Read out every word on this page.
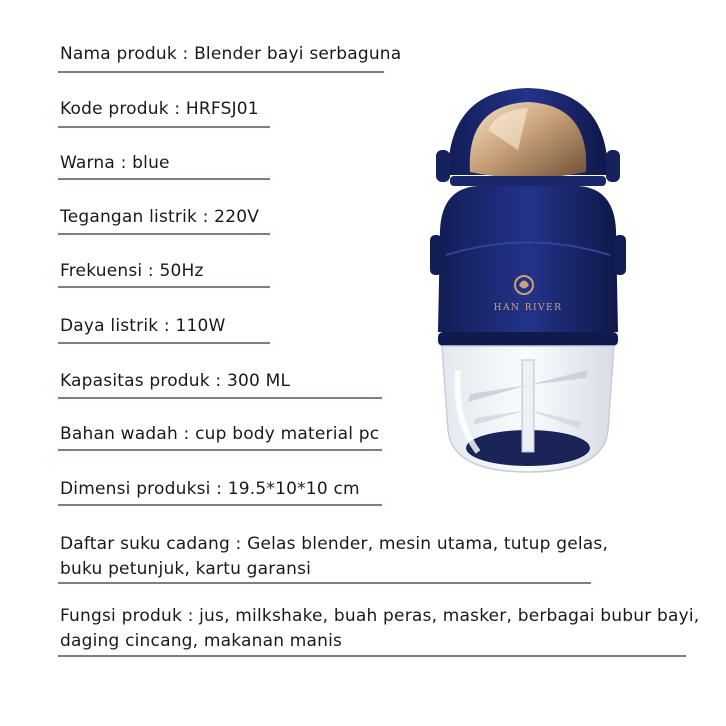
Nama produk : Blender bayi serbaguna
Kode produk : HRFSJ01
Warna : blue
Tegangan listrik : 220V
Frekuensi : 50Hz
Daya listrik : 110W
Kapasitas produk : 300 ML
Bahan wadah : cup body material pc
Dimensi produksi : 19.5*10*10 cm
Daftar suku cadang : Gelas blender, mesin utama, tutup gelas,
buku petunjuk, kartu garansi
Fungsi produk : jus, milkshake, buah peras, masker, berbagai bubur bayi,
daging cincang, makanan manis
HAN RIVER
